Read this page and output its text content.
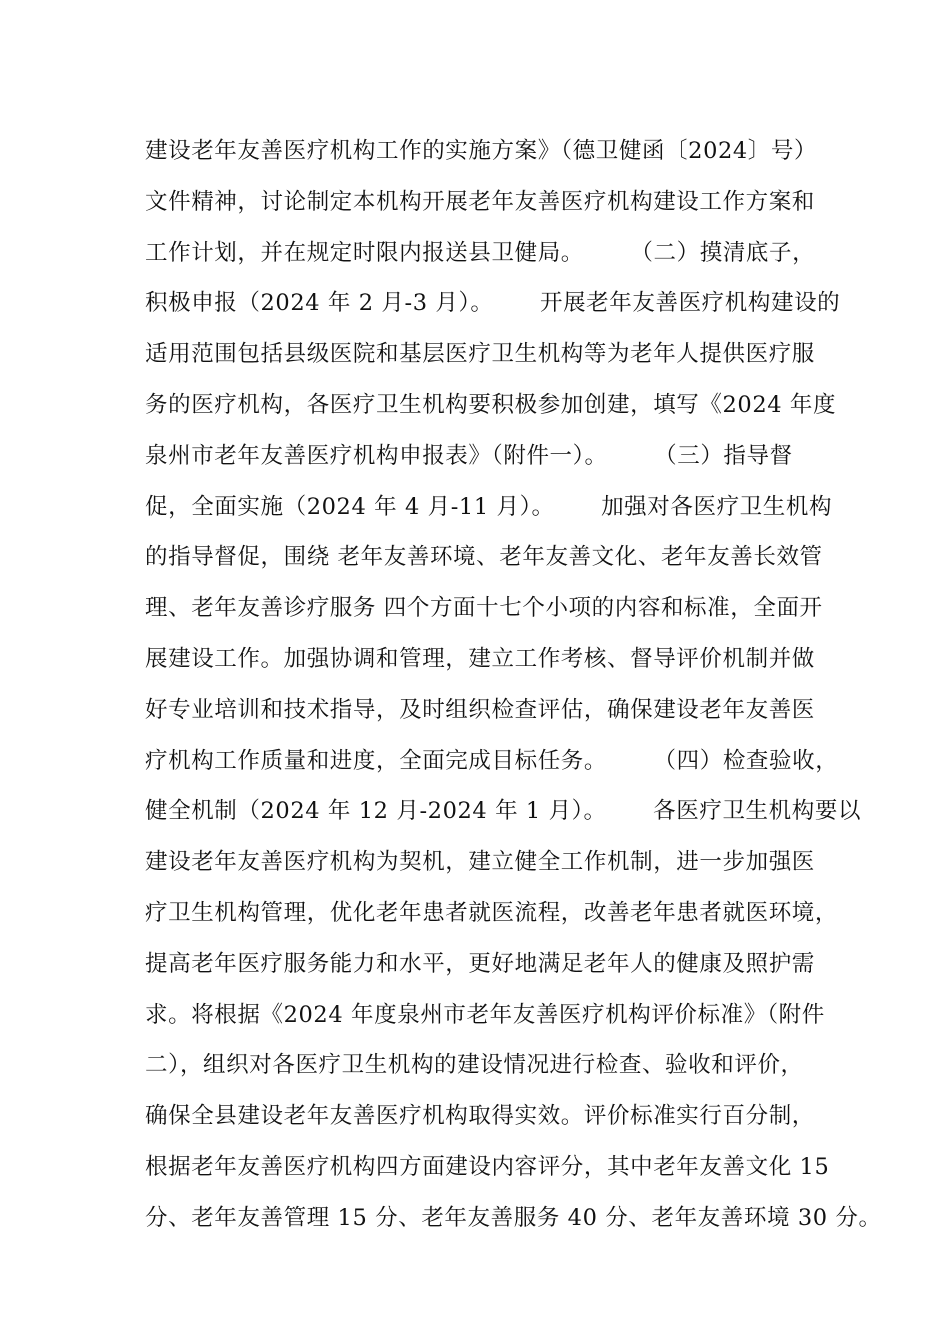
建设老年友善医疗机构工作的实施方案》（德卫健函〔2024〕号）
文件精神，讨论制定本机构开展老年友善医疗机构建设工作方案和
工作计划，并在规定时限内报送县卫健局。      （二）摸清底子，
积极申报（2024 年 2 月-3 月）。      开展老年友善医疗机构建设的
适用范围包括县级医院和基层医疗卫生机构等为老年人提供医疗服
务的医疗机构，各医疗卫生机构要积极参加创建，填写《2024 年度
泉州市老年友善医疗机构申报表》（附件一）。      （三）指导督
促，全面实施（2024 年 4 月-11 月）。      加强对各医疗卫生机构
的指导督促，围绕 老年友善环境、老年友善文化、老年友善长效管
理、老年友善诊疗服务 四个方面十七个小项的内容和标准，全面开
展建设工作。加强协调和管理，建立工作考核、督导评价机制并做
好专业培训和技术指导，及时组织检查评估，确保建设老年友善医
疗机构工作质量和进度，全面完成目标任务。      （四）检查验收，
健全机制（2024 年 12 月-2024 年 1 月）。      各医疗卫生机构要以
建设老年友善医疗机构为契机，建立健全工作机制，进一步加强医
疗卫生机构管理，优化老年患者就医流程，改善老年患者就医环境，
提高老年医疗服务能力和水平，更好地满足老年人的健康及照护需
求。将根据《2024 年度泉州市老年友善医疗机构评价标准》（附件
二），组织对各医疗卫生机构的建设情况进行检查、验收和评价，
确保全县建设老年友善医疗机构取得实效。评价标准实行百分制，
根据老年友善医疗机构四方面建设内容评分，其中老年友善文化 15
分、老年友善管理 15 分、老年友善服务 40 分、老年友善环境 30 分。
